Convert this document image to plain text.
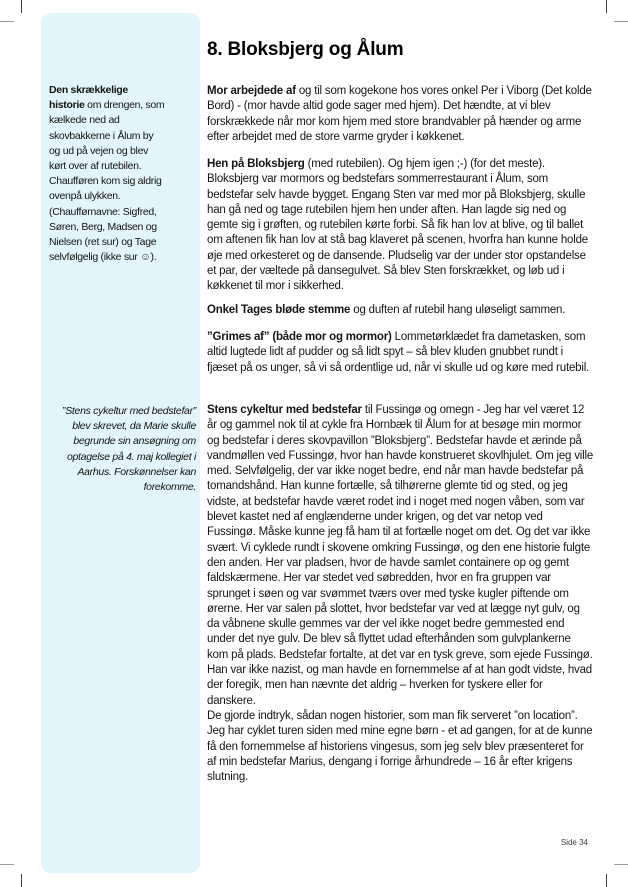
Den skrækkelige historie om drengen, som kælkede ned ad skovbakkerne i Ålum by og ud på vejen og blev kørt over af rutebilen. Chaufføren kom sig aldrig ovenpå ulykken. (Chaufførnavne: Sigfred, Søren, Berg, Madsen og Nielsen (ret sur) og Tage selvfølgelig (ikke sur ☺).
”Stens cykeltur med bedstefar” blev skrevet, da Marie skulle begrunde sin ansøgning om optagelse på 4. maj kollegiet i Aarhus. Forskønnelser kan forekomme.
8. Bloksbjerg og Ålum

Mor arbejdede af og til som kogekone hos vores onkel Per i Viborg (Det kolde Bord) - (mor havde altid gode sager med hjem). Det hændte, at vi blev forskrækkede når mor kom hjem med store brandvabler på hænder og arme efter arbejdet med de store varme gryder i køkkenet.

Hen på Bloksbjerg (med rutebilen). Og hjem igen ;-) (for det meste). Bloksbjerg var mormors og bedstefars sommerrestaurant i Ålum, som bedstefar selv havde bygget. Engang Sten var med mor på Bloksbjerg, skulle han gå ned og tage rutebilen hjem hen under aften. Han lagde sig ned og gemte sig i grøften, og rutebilen kørte forbi. Så fik han lov at blive, og til ballet om aftenen fik han lov at stå bag klaveret på scenen, hvorfra han kunne holde øje med orkesteret og de dansende. Pludselig var der under stor opstandelse et par, der væltede på dansegulvet. Så blev Sten forskrækket, og løb ud i køkkenet til mor i sikkerhed.

Onkel Tages bløde stemme og duften af rutebil hang uløseligt sammen.

”Grimes af” (både mor og mormor) Lommetørklædet fra dametasken, som altid lugtede lidt af pudder og så lidt spyt – så blev kluden gnubbet rundt i fjæset på os unger, så vi så ordentlige ud, når vi skulle ud og køre med rutebil.

Stens cykeltur med bedstefar til Fussingø og omegn - Jeg har vel været 12 år og gammel nok til at cykle fra Hornbæk til Ålum for at besøge min mormor og bedstefar i deres skovpavillon ”Bloksbjerg”. Bedstefar havde et ærinde på vandmøllen ved Fussingø, hvor han havde konstrueret skovlhjulet. Om jeg ville med. Selvfølgelig, der var ikke noget bedre, end når man havde bedstefar på tomandshånd. Han kunne fortælle, så tilhørerne glemte tid og sted, og jeg vidste, at bedstefar havde været rodet ind i noget med nogen våben, som var blevet kastet ned af englænderne under krigen, og det var netop ved Fussingø. Måske kunne jeg få ham til at fortælle noget om det. Og det var ikke svært. Vi cyklede rundt i skovene omkring Fussingø, og den ene historie fulgte den anden. Her var pladsen, hvor de havde samlet containere op og gemt faldskærmene. Her var stedet ved søbredden, hvor en fra gruppen var sprunget i søen og var svømmet tværs over med tyske kugler piftende om ørerne. Her var salen på slottet, hvor bedstefar var ved at lægge nyt gulv, og da våbnene skulle gemmes var der vel ikke noget bedre gemmested end under det nye gulv. De blev så flyttet udad efterhånden som gulvplankerne kom på plads. Bedstefar fortalte, at det var en tysk greve, som ejede Fussingø. Han var ikke nazist, og man havde en fornemmelse af at han godt vidste, hvad der foregik, men han nævnte det aldrig – hverken for tyskere eller for danskere.
De gjorde indtryk, sådan nogen historier, som man fik serveret ”on location”. Jeg har cyklet turen siden med mine egne børn - et ad gangen, for at de kunne få den fornemmelse af historiens vingesus, som jeg selv blev præsenteret for af min bedstefar Marius, dengang i forrige århundrede – 16 år efter krigens slutning.

Side 34
